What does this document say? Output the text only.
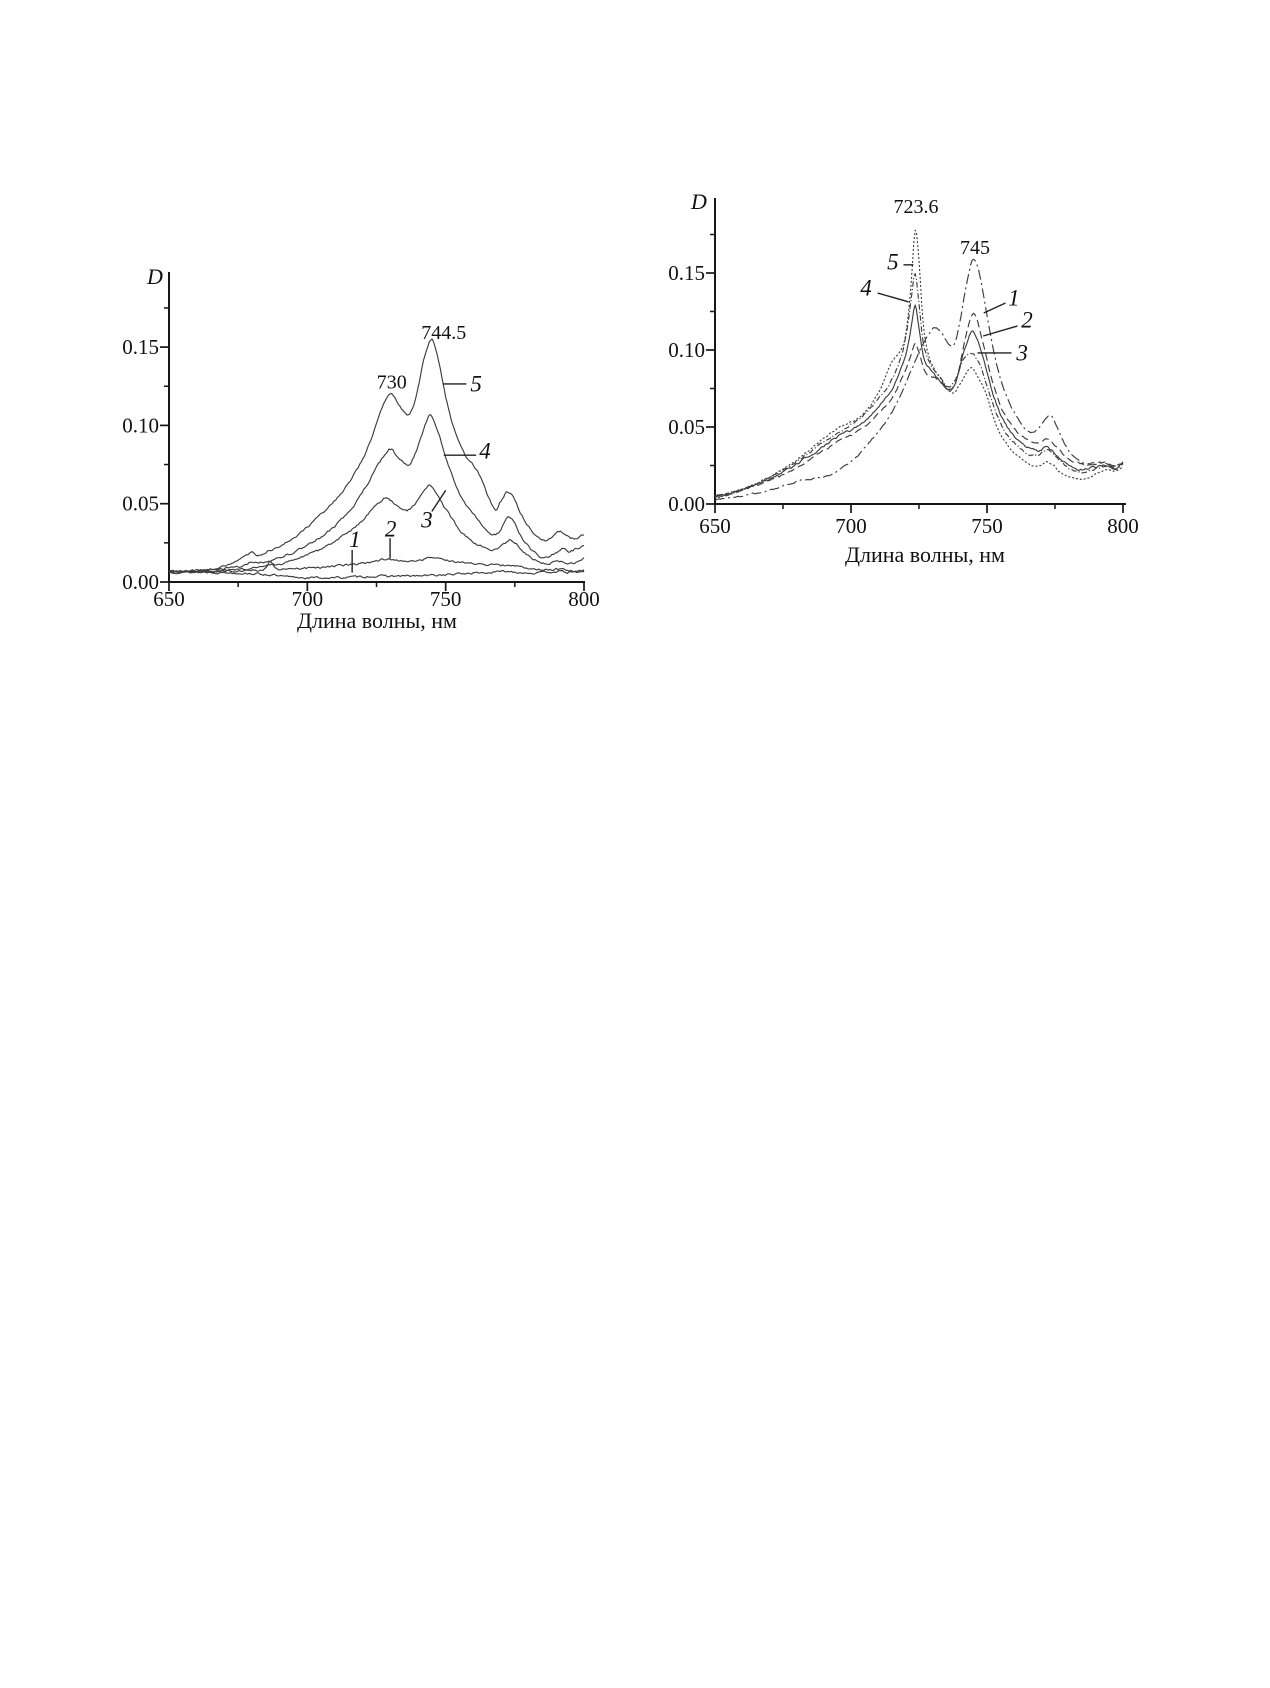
D
Длина волны, нм
650	700	750	800
0.00
0.05
0.10
0.15
730
744.5
5
4
3
2
1
D
Длина волны, нм
650	700	750	800
0.00
0.05
0.10
0.15
723.6
745
5
4	1
2
3
